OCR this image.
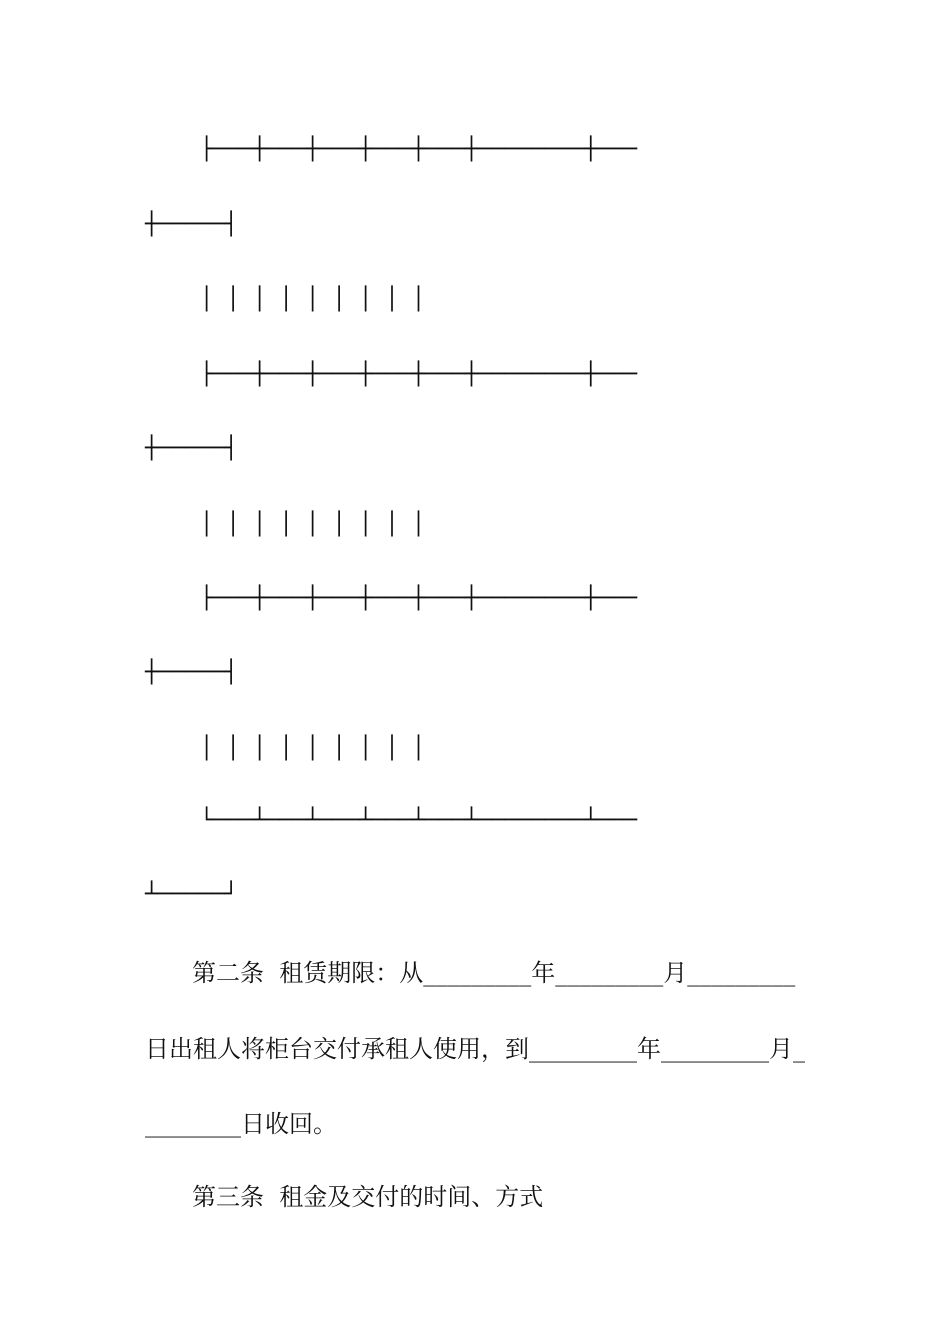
├───┼───┼───┼───┼───┼────────┼───
┼─────┤
│ │ │ │ │ │ │ │ │
├───┼───┼───┼───┼───┼────────┼───
┼─────┤
│ │ │ │ │ │ │ │ │
├───┼───┼───┼───┼───┼────────┼───
┼─────┤
│ │ │ │ │ │ │ │ │
└───┴───┴───┴───┴───┴────────┴───
┴─────┘
第二条  租赁期限：从_________年_________月_________
日出租人将柜台交付承租人使用，到_________年_________月_
________日收回。
第三条  租金及交付的时间、方式
